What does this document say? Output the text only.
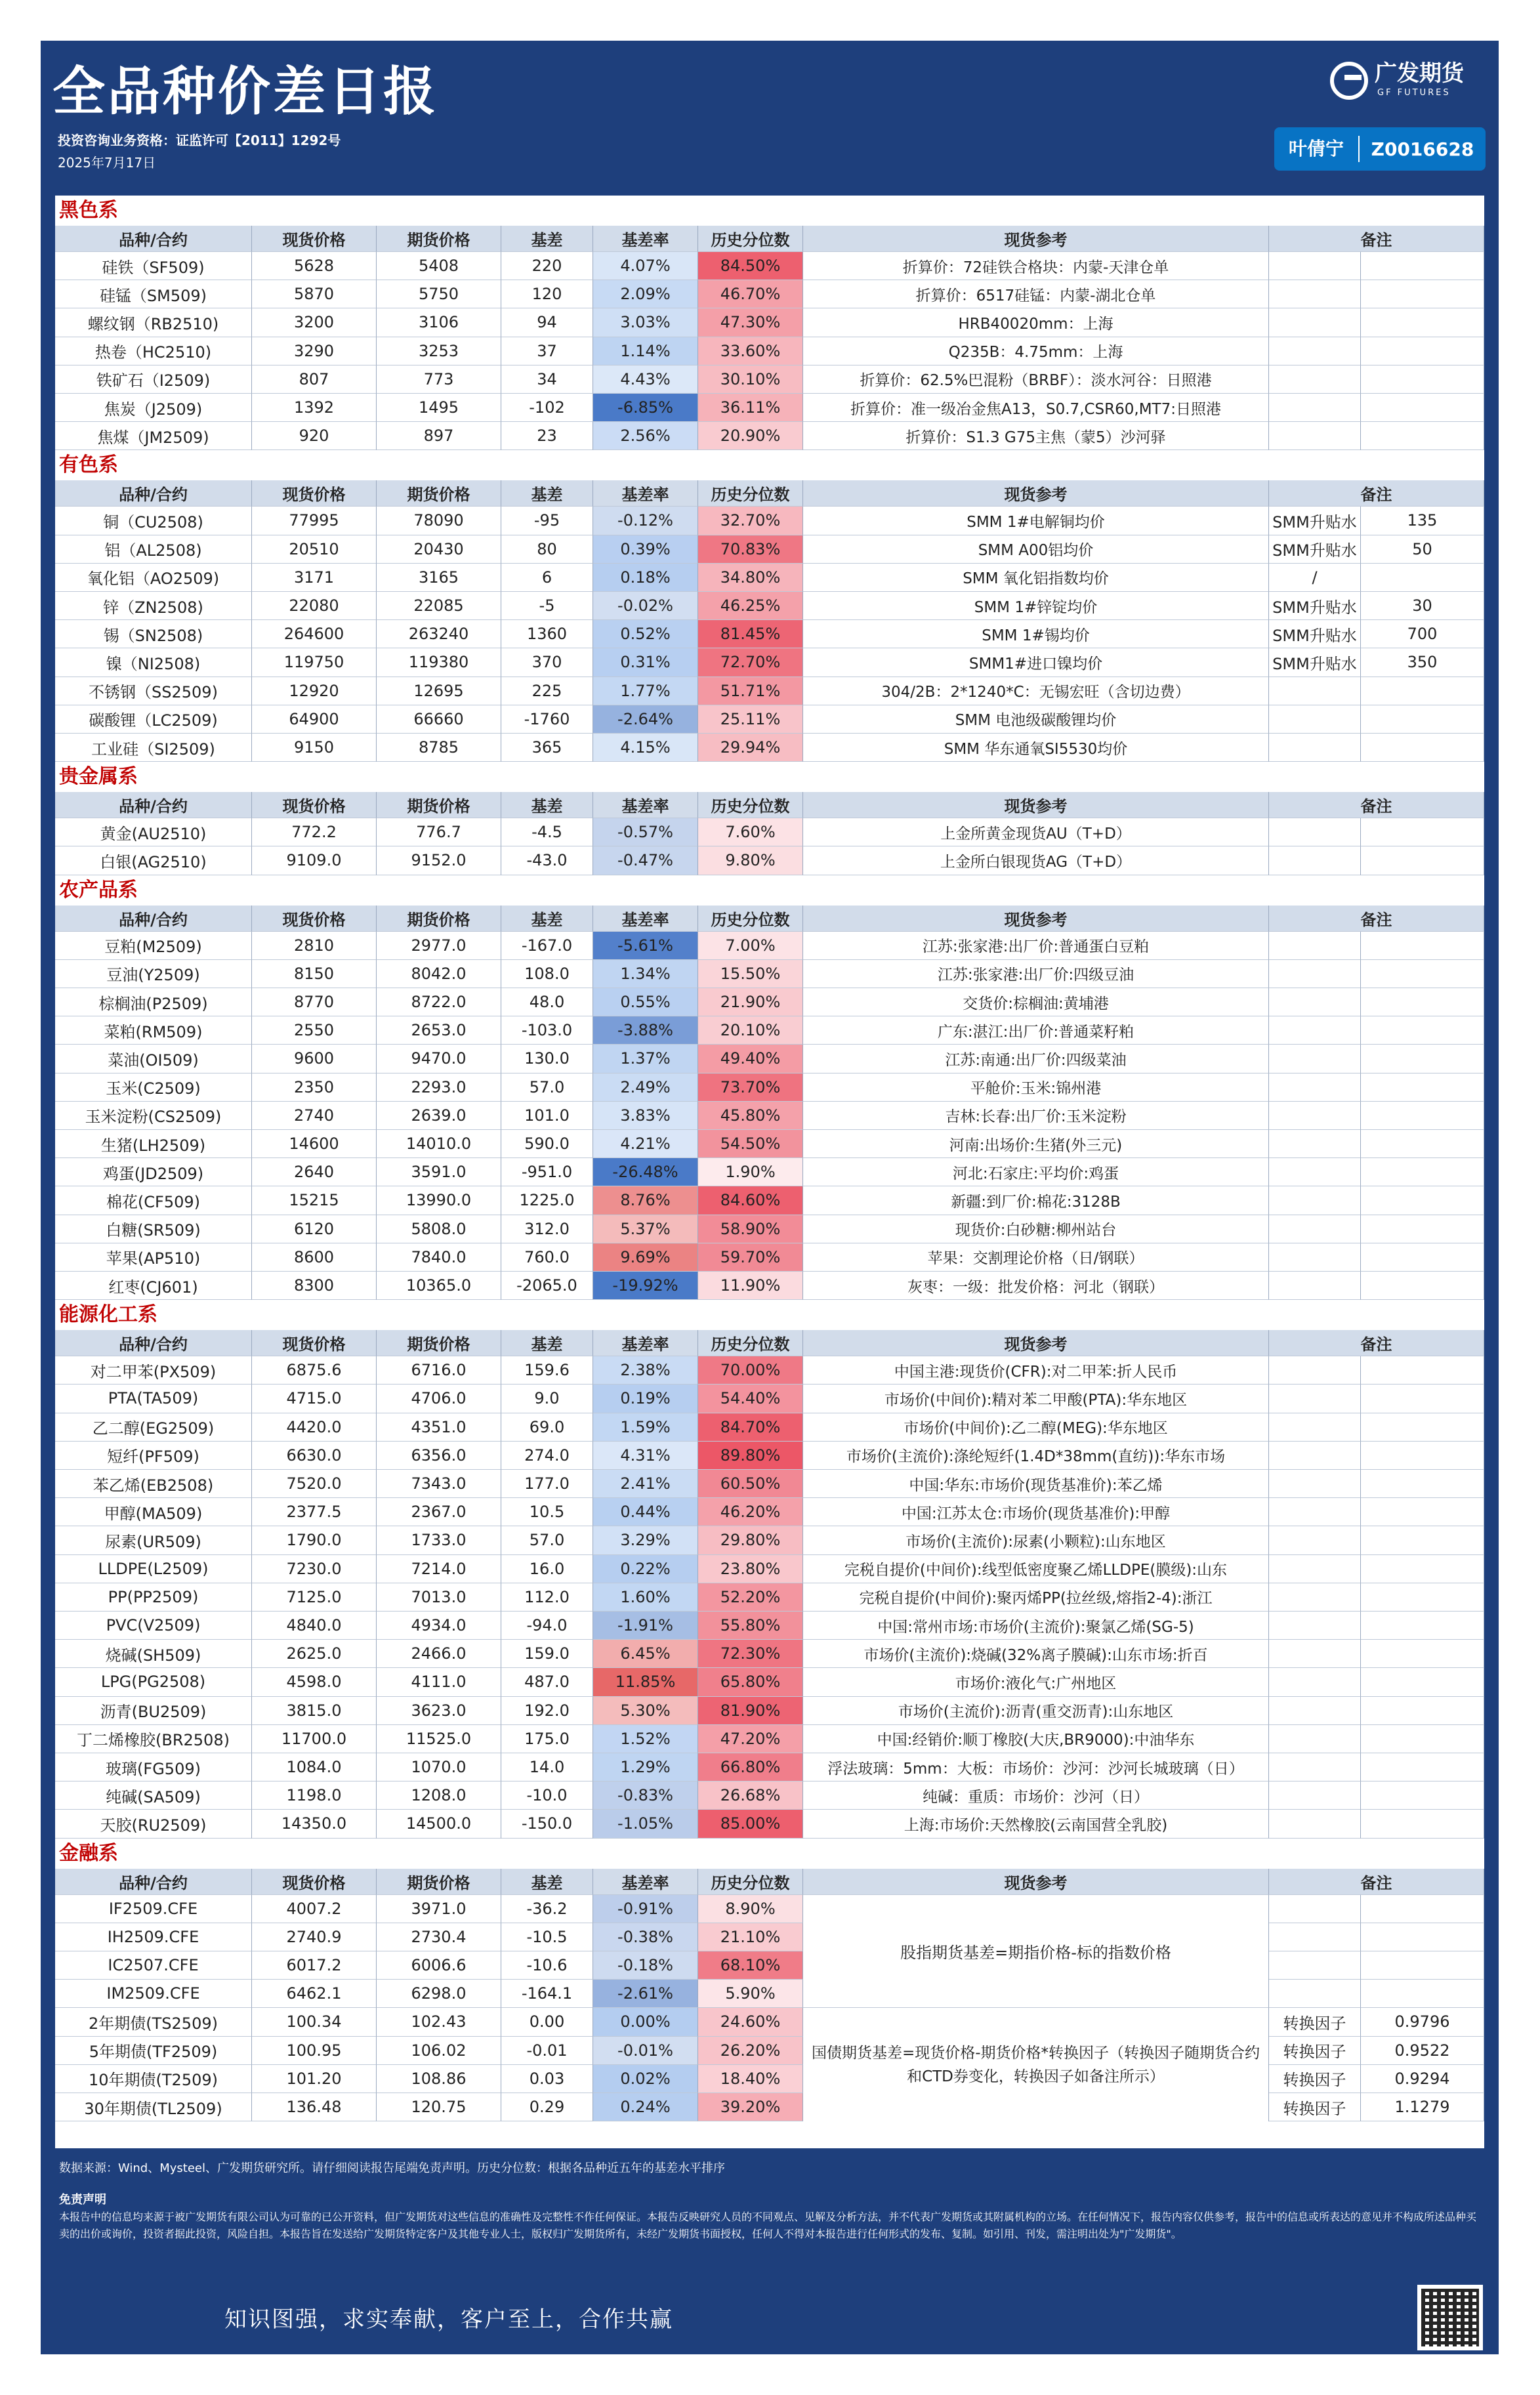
全品种价差日报
投资咨询业务资格：证监许可【2011】1292号
2025年7月17日
广发期货
GF FUTURES
叶倩宁	Z0016628
黑色系
品种/合约	现货价格	期货价格	基差	基差率	历史分位数	现货参考	备注
硅铁（SF509)	5628	5408	220	4.07%	84.50%	折算价：72硅铁合格块：内蒙-天津仓单
硅锰（SM509)	5870	5750	120	2.09%	46.70%	折算价：6517硅锰：内蒙-湖北仓单
螺纹钢（RB2510)	3200	3106	94	3.03%	47.30%	HRB40020mm：上海
热卷（HC2510)	3290	3253	37	1.14%	33.60%	Q235B：4.75mm：上海
铁矿石（I2509)	807	773	34	4.43%	30.10%	折算价：62.5%巴混粉（BRBF）：淡水河谷：日照港
焦炭（J2509)	1392	1495	-102	-6.85%	36.11%	折算价：准一级冶金焦A13，S0.7,CSR60,MT7:日照港
焦煤（JM2509)	920	897	23	2.56%	20.90%	折算价：S1.3 G75主焦（蒙5）沙河驿
有色系
品种/合约	现货价格	期货价格	基差	基差率	历史分位数	现货参考	备注
铜（CU2508)	77995	78090	-95	-0.12%	32.70%	SMM 1#电解铜均价	SMM升贴水	135
铝（AL2508)	20510	20430	80	0.39%	70.83%	SMM A00铝均价	SMM升贴水	50
氧化铝（AO2509)	3171	3165	6	0.18%	34.80%	SMM 氧化铝指数均价	/
锌（ZN2508)	22080	22085	-5	-0.02%	46.25%	SMM 1#锌锭均价	SMM升贴水	30
锡（SN2508)	264600	263240	1360	0.52%	81.45%	SMM 1#锡均价	SMM升贴水	700
镍（NI2508)	119750	119380	370	0.31%	72.70%	SMM1#进口镍均价	SMM升贴水	350
不锈钢（SS2509)	12920	12695	225	1.77%	51.71%	304/2B：2*1240*C：无锡宏旺（含切边费）
碳酸锂（LC2509)	64900	66660	-1760	-2.64%	25.11%	SMM 电池级碳酸锂均价
工业硅（SI2509)	9150	8785	365	4.15%	29.94%	SMM 华东通氧SI5530均价
贵金属系
品种/合约	现货价格	期货价格	基差	基差率	历史分位数	现货参考	备注
黄金(AU2510)	772.2	776.7	-4.5	-0.57%	7.60%	上金所黄金现货AU（T+D）
白银(AG2510)	9109.0	9152.0	-43.0	-0.47%	9.80%	上金所白银现货AG（T+D）
农产品系
品种/合约	现货价格	期货价格	基差	基差率	历史分位数	现货参考	备注
豆粕(M2509)	2810	2977.0	-167.0	-5.61%	7.00%	江苏:张家港:出厂价:普通蛋白豆粕
豆油(Y2509)	8150	8042.0	108.0	1.34%	15.50%	江苏:张家港:出厂价:四级豆油
棕榈油(P2509)	8770	8722.0	48.0	0.55%	21.90%	交货价:棕榈油:黄埔港
菜粕(RM509)	2550	2653.0	-103.0	-3.88%	20.10%	广东:湛江:出厂价:普通菜籽粕
菜油(OI509)	9600	9470.0	130.0	1.37%	49.40%	江苏:南通:出厂价:四级菜油
玉米(C2509)	2350	2293.0	57.0	2.49%	73.70%	平舱价:玉米:锦州港
玉米淀粉(CS2509)	2740	2639.0	101.0	3.83%	45.80%	吉林:长春:出厂价:玉米淀粉
生猪(LH2509)	14600	14010.0	590.0	4.21%	54.50%	河南:出场价:生猪(外三元)
鸡蛋(JD2509)	2640	3591.0	-951.0	-26.48%	1.90%	河北:石家庄:平均价:鸡蛋
棉花(CF509)	15215	13990.0	1225.0	8.76%	84.60%	新疆:到厂价:棉花:3128B
白糖(SR509)	6120	5808.0	312.0	5.37%	58.90%	现货价:白砂糖:柳州站台
苹果(AP510)	8600	7840.0	760.0	9.69%	59.70%	苹果：交割理论价格（日/钢联）
红枣(CJ601)	8300	10365.0	-2065.0	-19.92%	11.90%	灰枣：一级：批发价格：河北（钢联）
能源化工系
品种/合约	现货价格	期货价格	基差	基差率	历史分位数	现货参考	备注
对二甲苯(PX509)	6875.6	6716.0	159.6	2.38%	70.00%	中国主港:现货价(CFR):对二甲苯:折人民币
PTA(TA509)	4715.0	4706.0	9.0	0.19%	54.40%	市场价(中间价):精对苯二甲酸(PTA):华东地区
乙二醇(EG2509)	4420.0	4351.0	69.0	1.59%	84.70%	市场价(中间价):乙二醇(MEG):华东地区
短纤(PF509)	6630.0	6356.0	274.0	4.31%	89.80%	市场价(主流价):涤纶短纤(1.4D*38mm(直纺)):华东市场
苯乙烯(EB2508)	7520.0	7343.0	177.0	2.41%	60.50%	中国:华东:市场价(现货基准价):苯乙烯
甲醇(MA509)	2377.5	2367.0	10.5	0.44%	46.20%	中国:江苏太仓:市场价(现货基准价):甲醇
尿素(UR509)	1790.0	1733.0	57.0	3.29%	29.80%	市场价(主流价):尿素(小颗粒):山东地区
LLDPE(L2509)	7230.0	7214.0	16.0	0.22%	23.80%	完税自提价(中间价):线型低密度聚乙烯LLDPE(膜级):山东
PP(PP2509)	7125.0	7013.0	112.0	1.60%	52.20%	完税自提价(中间价):聚丙烯PP(拉丝级,熔指2-4):浙江
PVC(V2509)	4840.0	4934.0	-94.0	-1.91%	55.80%	中国:常州市场:市场价(主流价):聚氯乙烯(SG-5)
烧碱(SH509)	2625.0	2466.0	159.0	6.45%	72.30%	市场价(主流价):烧碱(32%离子膜碱):山东市场:折百
LPG(PG2508)	4598.0	4111.0	487.0	11.85%	65.80%	市场价:液化气:广州地区
沥青(BU2509)	3815.0	3623.0	192.0	5.30%	81.90%	市场价(主流价):沥青(重交沥青):山东地区
丁二烯橡胶(BR2508)	11700.0	11525.0	175.0	1.52%	47.20%	中国:经销价:顺丁橡胶(大庆,BR9000):中油华东
玻璃(FG509)	1084.0	1070.0	14.0	1.29%	66.80%	浮法玻璃：5mm：大板：市场价：沙河：沙河长城玻璃（日）
纯碱(SA509)	1198.0	1208.0	-10.0	-0.83%	26.68%	纯碱：重质：市场价：沙河（日）
天胶(RU2509)	14350.0	14500.0	-150.0	-1.05%	85.00%	上海:市场价:天然橡胶(云南国营全乳胶)
金融系
品种/合约	现货价格	期货价格	基差	基差率	历史分位数	现货参考	备注
IF2509.CFE	4007.2	3971.0	-36.2	-0.91%	8.90%
IH2509.CFE	2740.9	2730.4	-10.5	-0.38%	21.10%
IC2507.CFE	6017.2	6006.6	-10.6	-0.18%	68.10%
IM2509.CFE	6462.1	6298.0	-164.1	-2.61%	5.90%
2年期债(TS2509)	100.34	102.43	0.00	0.00%	24.60%	转换因子	0.9796
5年期债(TF2509)	100.95	106.02	-0.01	-0.01%	26.20%	转换因子	0.9522
10年期债(T2509)	101.20	108.86	0.03	0.02%	18.40%	转换因子	0.9294
30年期债(TL2509)	136.48	120.75	0.29	0.24%	39.20%	转换因子	1.1279
股指期货基差=期指价格-标的指数价格
国债期货基差=现货价格-期货价格*转换因子（转换因子随期货合约和CTD券变化，转换因子如备注所示）
数据来源：Wind、Mysteel、广发期货研究所。请仔细阅读报告尾端免责声明。历史分位数：根据各品种近五年的基差水平排序
免责声明
本报告中的信息均来源于被广发期货有限公司认为可靠的已公开资料，但广发期货对这些信息的准确性及完整性不作任何保证。本报告反映研究人员的不同观点、见解及分析方法，并不代表广发期货或其附属机构的立场。在任何情况下，报告内容仅供参考，报告中的信息或所表达的意见并不构成所述品种买卖的出价或询价，投资者据此投资，风险自担。本报告旨在发送给广发期货特定客户及其他专业人士，版权归广发期货所有，未经广发期货书面授权，任何人不得对本报告进行任何形式的发布、复制。如引用、刊发，需注明出处为"广发期货"。
知识图强，求实奉献，客户至上，合作共赢
关注微信公众号
